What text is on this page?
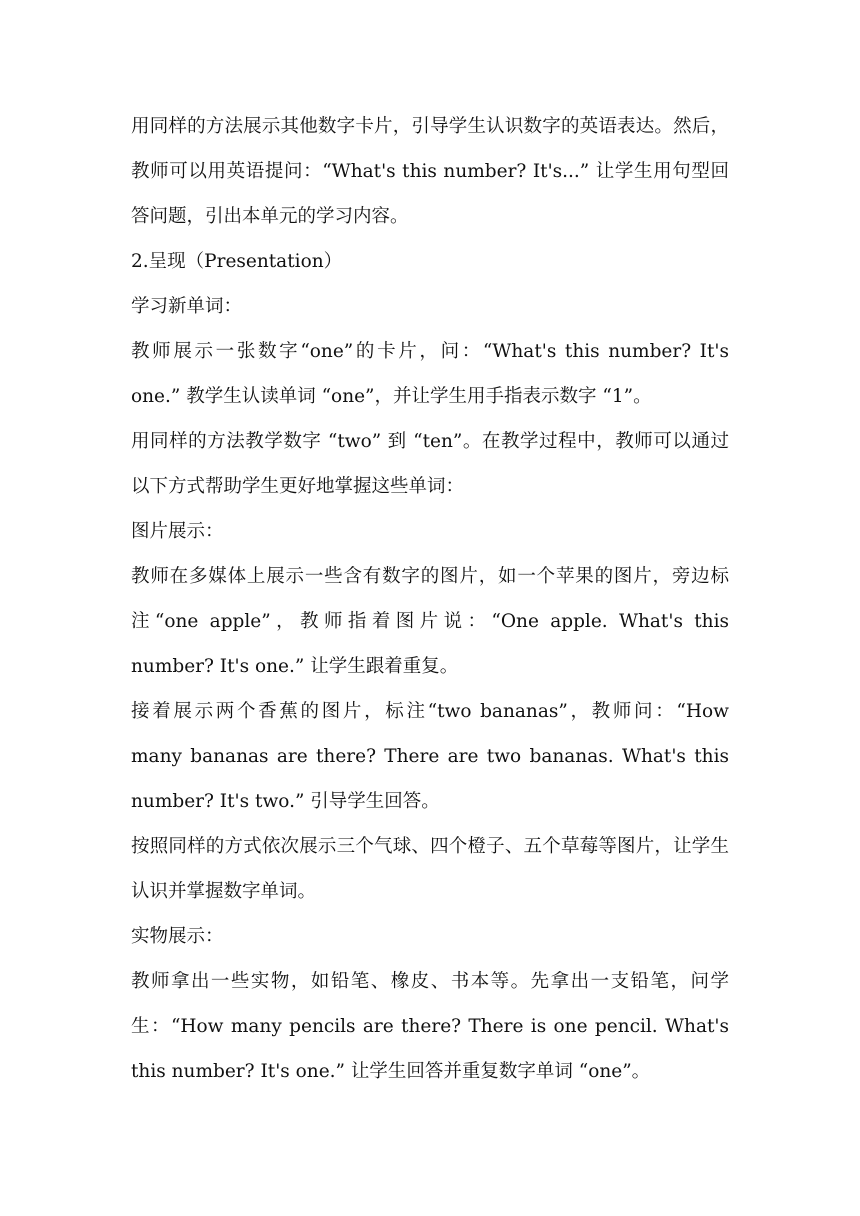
用同样的方法展示其他数字卡片，引导学生认识数字的英语表达。然后，教师可以用英语提问：“What's this number? It's...” 让学生用句型回答问题，引出本单元的学习内容。

2.呈现（Presentation）

学习新单词：

教师展示一张数字“one”的卡片，问：“What's this number? It's one.” 教学生认读单词 “one”，并让学生用手指表示数字 “1”。

用同样的方法教学数字 “two” 到 “ten”。在教学过程中，教师可以通过以下方式帮助学生更好地掌握这些单词：

图片展示：

教师在多媒体上展示一些含有数字的图片，如一个苹果的图片，旁边标注“one apple”，教师指着图片说：“One apple. What's this number? It's one.” 让学生跟着重复。

接着展示两个香蕉的图片，标注“two bananas”，教师问：“How many bananas are there? There are two bananas. What's this number? It's two.” 引导学生回答。

按照同样的方式依次展示三个气球、四个橙子、五个草莓等图片，让学生认识并掌握数字单词。

实物展示：

教师拿出一些实物，如铅笔、橡皮、书本等。先拿出一支铅笔，问学生：“How many pencils are there? There is one pencil. What's this number? It's one.” 让学生回答并重复数字单词 “one”。
